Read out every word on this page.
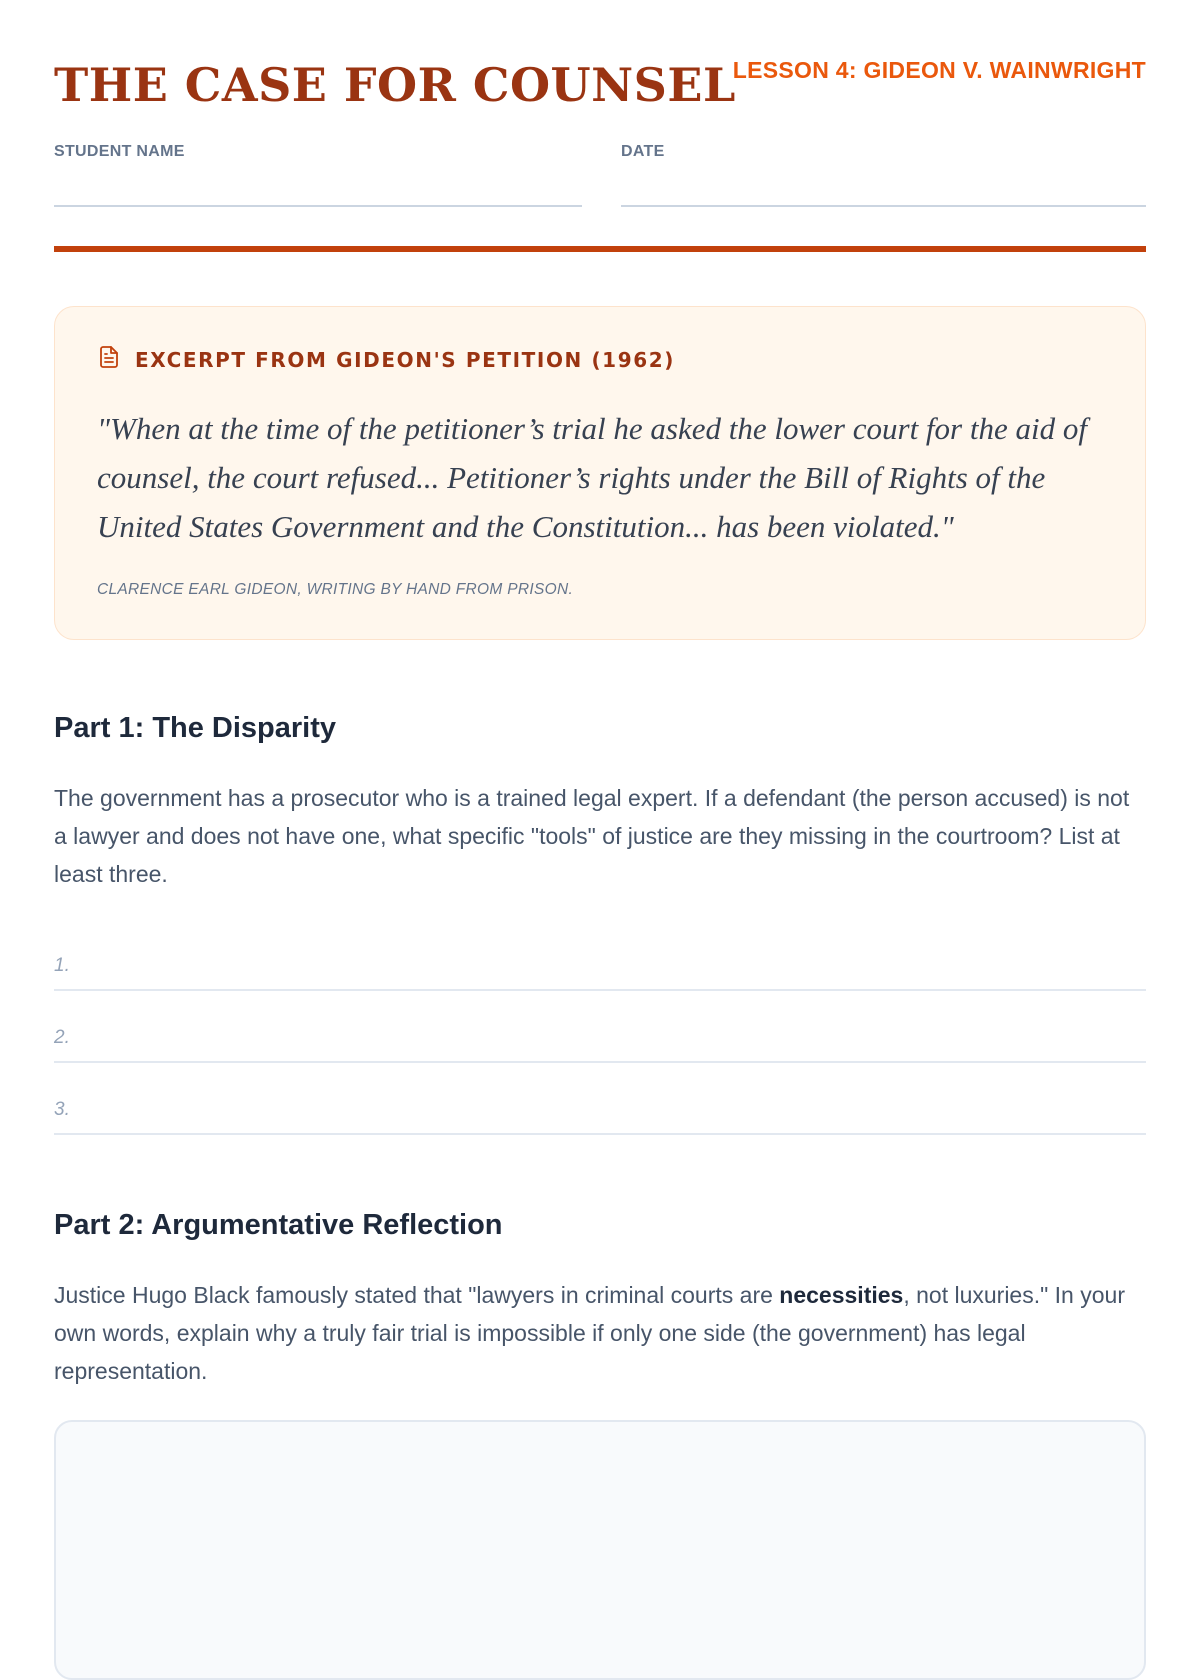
THE CASE FOR COUNSEL
LESSON 4: GIDEON V. WAINWRIGHT
STUDENT NAME	DATE
EXCERPT FROM GIDEON'S PETITION (1962)

"When at the time of the petitioner’s trial he asked the lower court for the aid of counsel, the court refused... Petitioner’s rights under the Bill of Rights of the United States Government and the Constitution... has been violated."

CLARENCE EARL GIDEON, WRITING BY HAND FROM PRISON.
Part 1: The Disparity
The government has a prosecutor who is a trained legal expert. If a defendant (the person accused) is not a lawyer and does not have one, what specific "tools" of justice are they missing in the courtroom? List at least three.
1.
2.
3.
Part 2: Argumentative Reflection
Justice Hugo Black famously stated that "lawyers in criminal courts are necessities, not luxuries." In your own words, explain why a truly fair trial is impossible if only one side (the government) has legal representation.
